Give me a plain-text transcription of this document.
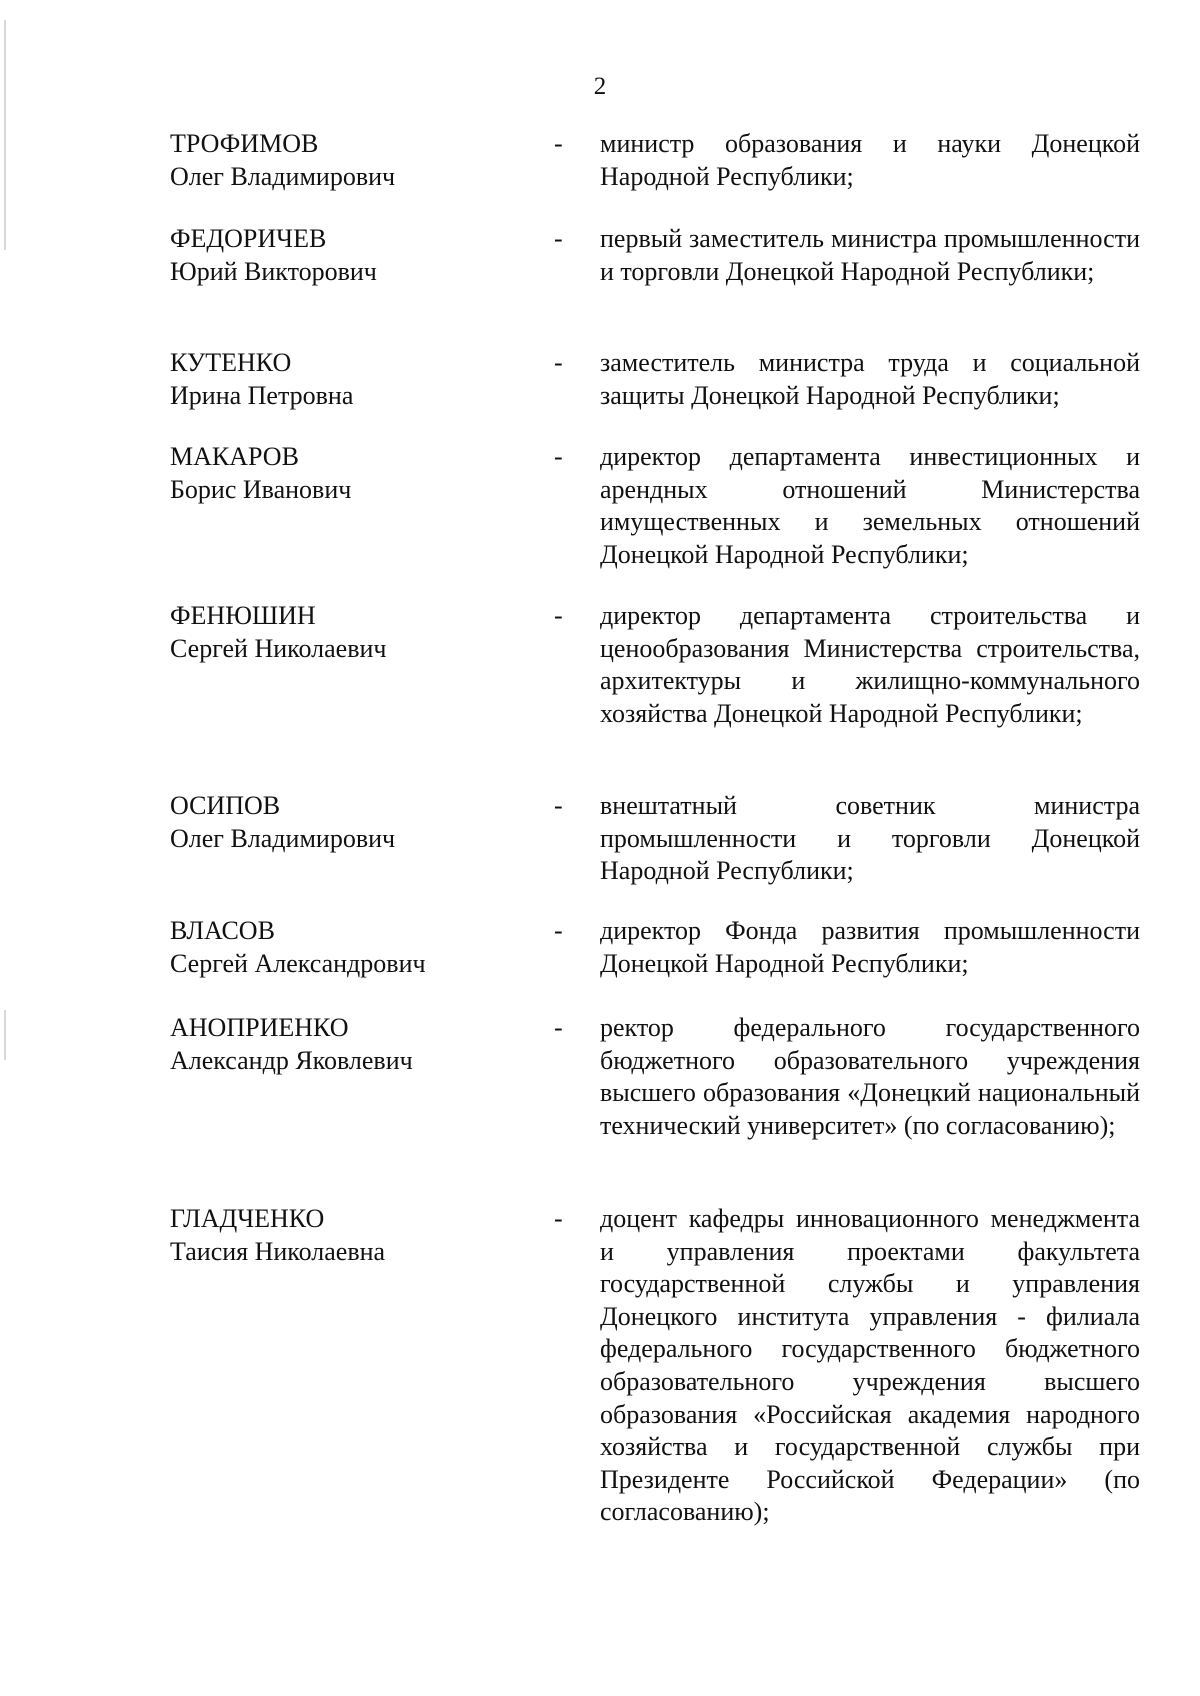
2
ТРОФИМОВ
Олег Владимирович
-	министр образования и науки Донецкой Народной Республики;
ФЕДОРИЧЕВ
Юрий Викторович
-	первый заместитель министра промышленности и торговли Донецкой Народной Республики;
КУТЕНКО
Ирина Петровна
-	заместитель министра труда и социальной защиты Донецкой Народной Республики;
МАКАРОВ
Борис Иванович
-	директор департамента инвестиционных и арендных отношений Министерства имущественных и земельных отношений Донецкой Народной Республики;
ФЕНЮШИН
Сергей Николаевич
-	директор департамента строительства и ценообразования Министерства строительства, архитектуры и жилищно-коммунального хозяйства Донецкой Народной Республики;
ОСИПОВ
Олег Владимирович
-	внештатный советник министра промышленности и торговли Донецкой Народной Республики;
ВЛАСОВ
Сергей Александрович
-	директор Фонда развития промышленности Донецкой Народной Республики;
АНОПРИЕНКО
Александр Яковлевич
-	ректор федерального государственного бюджетного образовательного учреждения высшего образования «Донецкий национальный технический университет» (по согласованию);
ГЛАДЧЕНКО
Таисия Николаевна
-	доцент кафедры инновационного менеджмента и управления проектами факультета государственной службы и управления Донецкого института управления - филиала федерального государственного бюджетного образовательного учреждения высшего образования «Российская академия народного хозяйства и государственной службы при Президенте Российской Федерации» (по согласованию);
